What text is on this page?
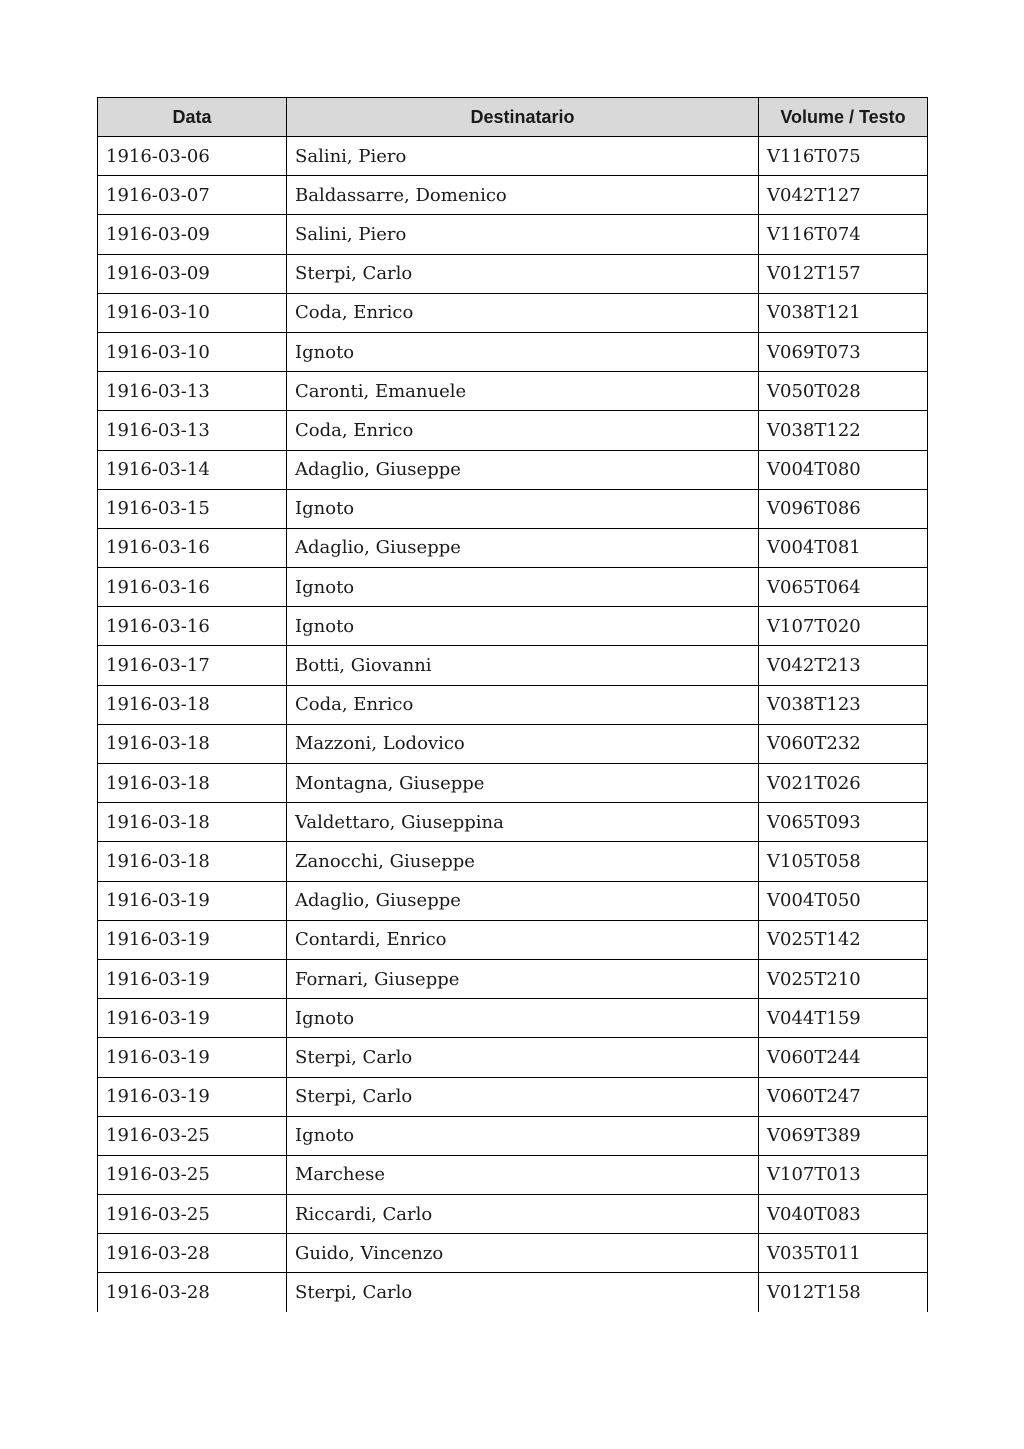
Data	Destinatario	Volume / Testo
1916-03-06	Salini, Piero	V116T075
1916-03-07	Baldassarre, Domenico	V042T127
1916-03-09	Salini, Piero	V116T074
1916-03-09	Sterpi, Carlo	V012T157
1916-03-10	Coda, Enrico	V038T121
1916-03-10	Ignoto	V069T073
1916-03-13	Caronti, Emanuele	V050T028
1916-03-13	Coda, Enrico	V038T122
1916-03-14	Adaglio, Giuseppe	V004T080
1916-03-15	Ignoto	V096T086
1916-03-16	Adaglio, Giuseppe	V004T081
1916-03-16	Ignoto	V065T064
1916-03-16	Ignoto	V107T020
1916-03-17	Botti, Giovanni	V042T213
1916-03-18	Coda, Enrico	V038T123
1916-03-18	Mazzoni, Lodovico	V060T232
1916-03-18	Montagna, Giuseppe	V021T026
1916-03-18	Valdettaro, Giuseppina	V065T093
1916-03-18	Zanocchi, Giuseppe	V105T058
1916-03-19	Adaglio, Giuseppe	V004T050
1916-03-19	Contardi, Enrico	V025T142
1916-03-19	Fornari, Giuseppe	V025T210
1916-03-19	Ignoto	V044T159
1916-03-19	Sterpi, Carlo	V060T244
1916-03-19	Sterpi, Carlo	V060T247
1916-03-25	Ignoto	V069T389
1916-03-25	Marchese	V107T013
1916-03-25	Riccardi, Carlo	V040T083
1916-03-28	Guido, Vincenzo	V035T011
1916-03-28	Sterpi, Carlo	V012T158
